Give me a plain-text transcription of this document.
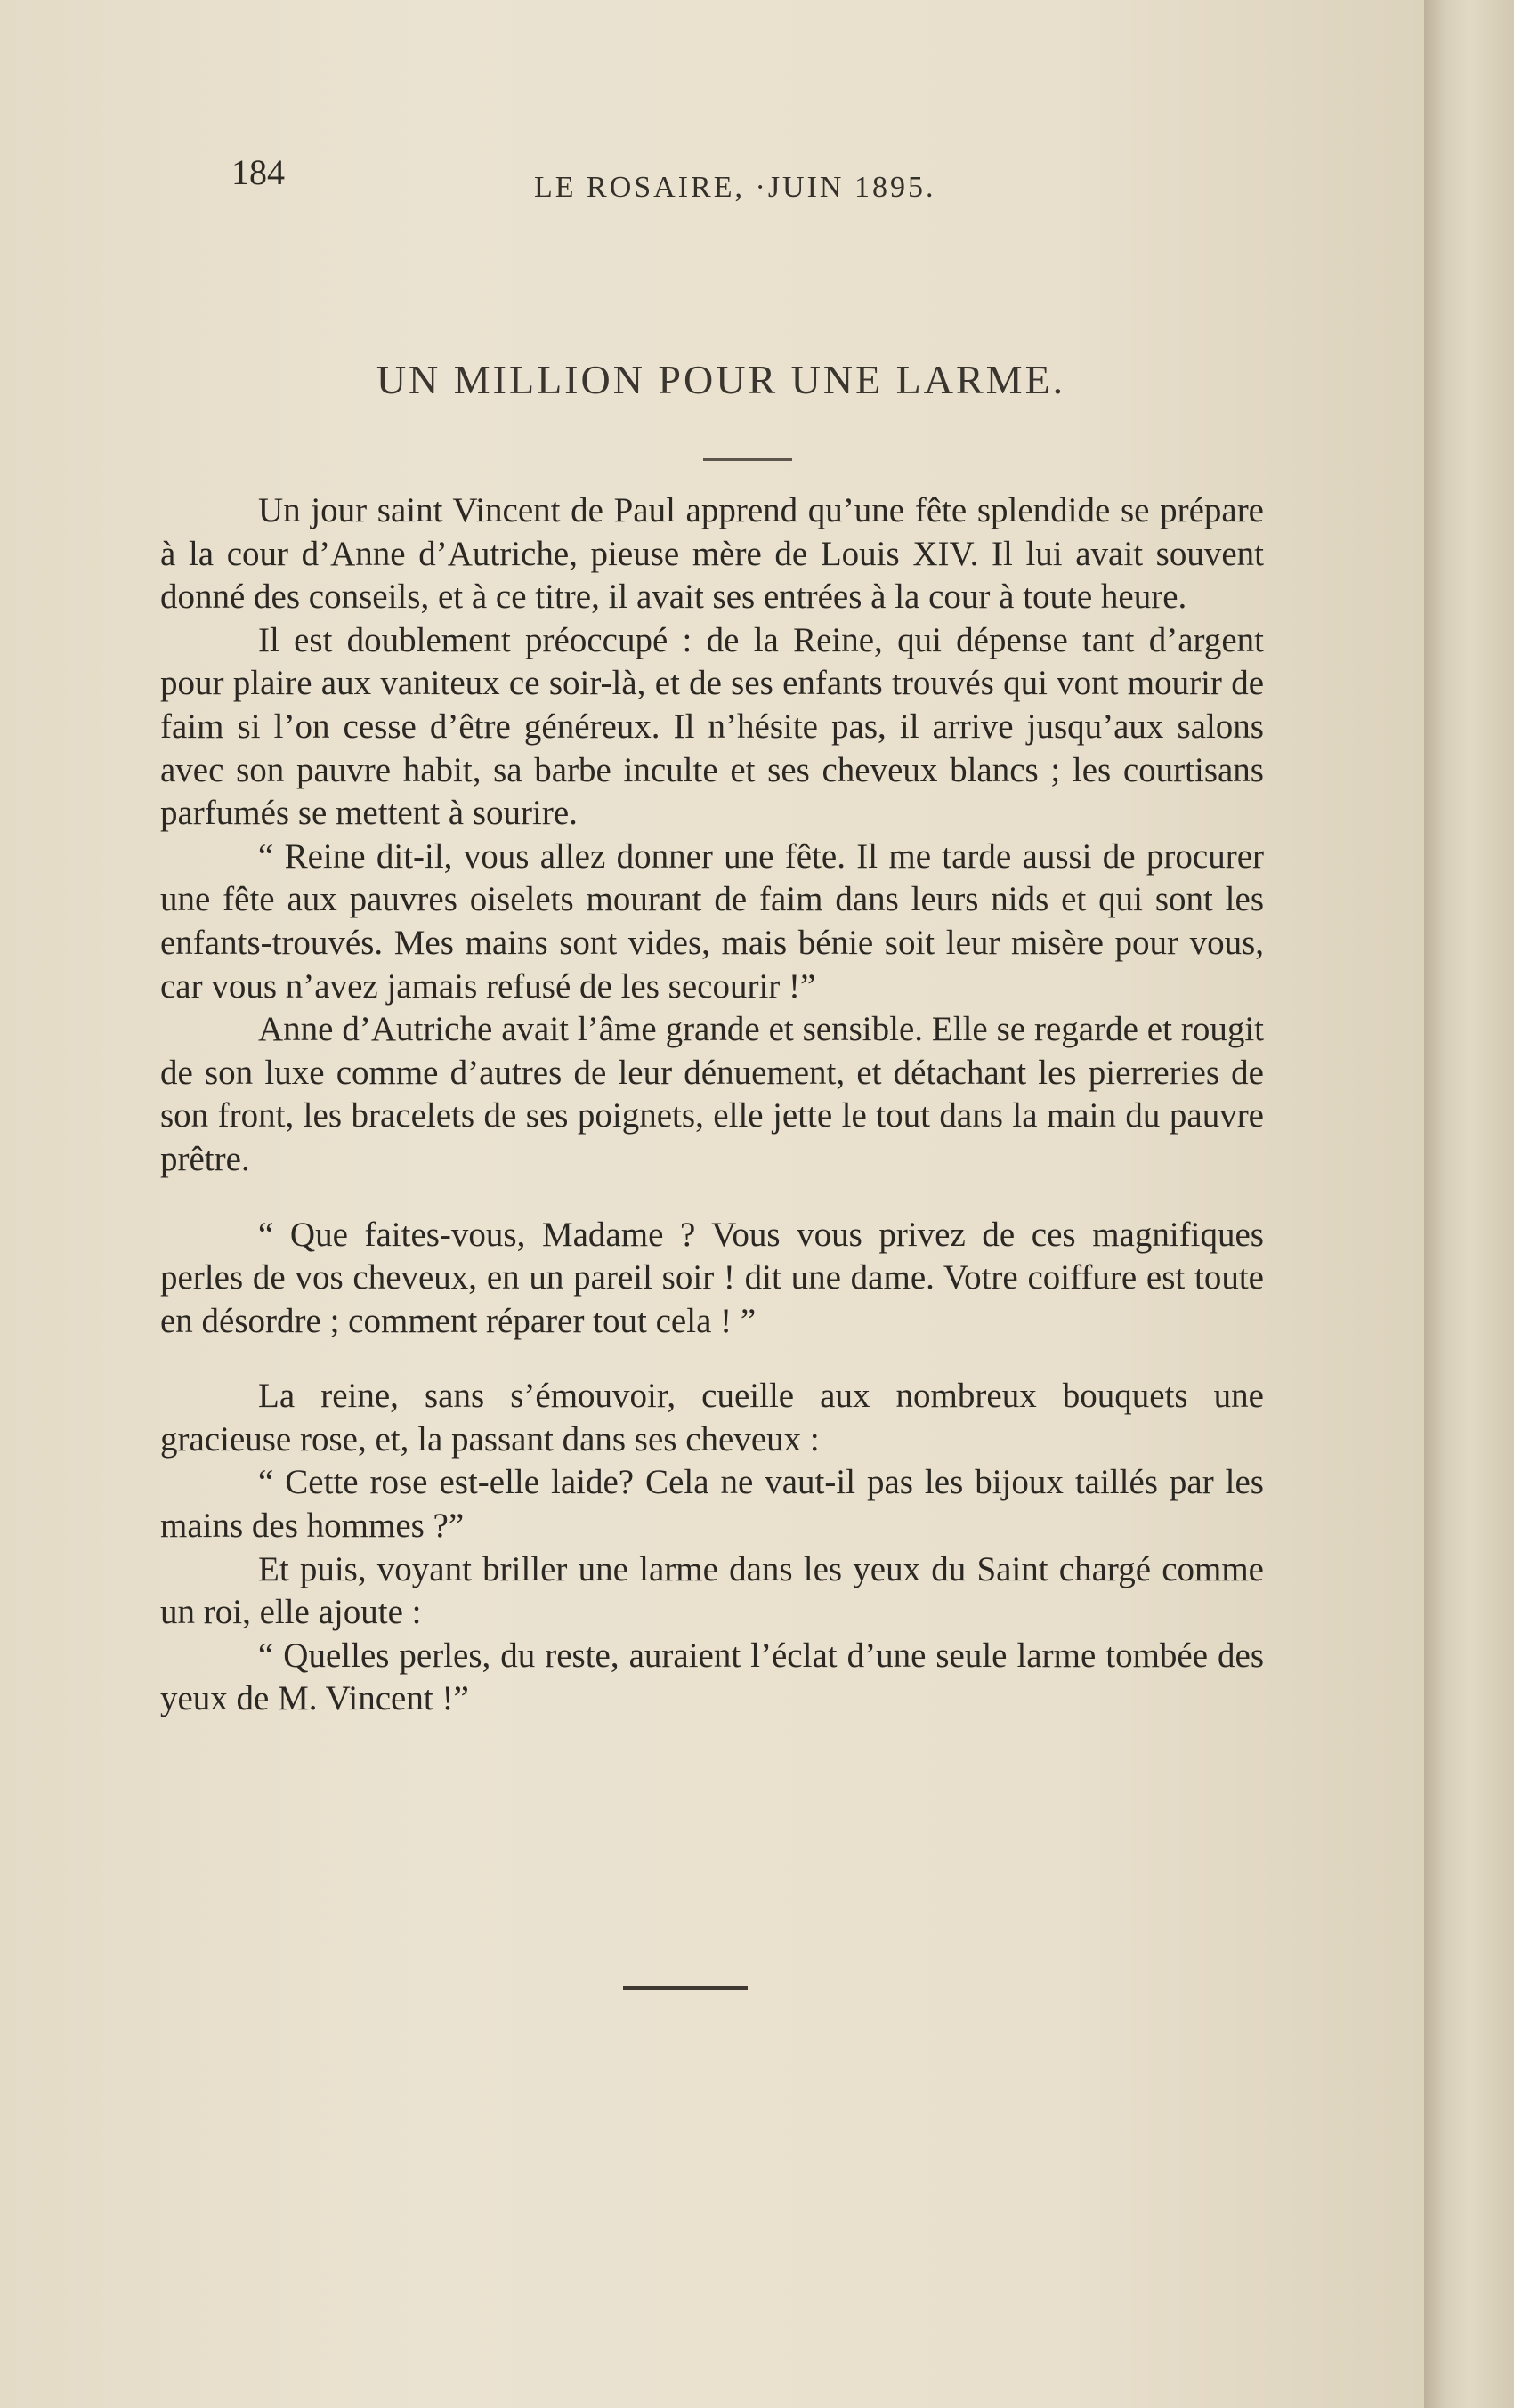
184	LE ROSAIRE, ·JUIN 1895.
UN MILLION POUR UNE LARME.

Un jour saint Vincent de Paul apprend qu’une fête splendide se prépare à la cour d’Anne d’Autriche, pieuse mère de Louis XIV. Il lui avait souvent donné des conseils, et à ce titre, il avait ses entrées à la cour à toute heure.

Il est doublement préoccupé : de la Reine, qui dépense tant d’argent pour plaire aux vaniteux ce soir-là, et de ses enfants trouvés qui vont mourir de faim si l’on cesse d’être généreux. Il n’hésite pas, il arrive jusqu’aux salons avec son pauvre habit, sa barbe inculte et ses cheveux blancs ; les courtisans parfumés se mettent à sourire.

“ Reine dit-il, vous allez donner une fête. Il me tarde aussi de procurer une fête aux pauvres oiselets mourant de faim dans leurs nids et qui sont les enfants-trouvés. Mes mains sont vides, mais bénie soit leur misère pour vous, car vous n’avez jamais refusé de les secourir !”

Anne d’Autriche avait l’âme grande et sensible. Elle se regarde et rougit de son luxe comme d’autres de leur dénuement, et détachant les pierreries de son front, les bracelets de ses poignets, elle jette le tout dans la main du pauvre prêtre.

“ Que faites-vous, Madame ? Vous vous privez de ces magnifiques perles de vos cheveux, en un pareil soir ! dit une dame. Votre coiffure est toute en désordre ; comment réparer tout cela ! ”

La reine, sans s’émouvoir, cueille aux nombreux bouquets une gracieuse rose, et, la passant dans ses cheveux :

“ Cette rose est-elle laide? Cela ne vaut-il pas les bijoux taillés par les mains des hommes ?”

Et puis, voyant briller une larme dans les yeux du Saint chargé comme un roi, elle ajoute :

“ Quelles perles, du reste, auraient l’éclat d’une seule larme tombée des yeux de M. Vincent !”
